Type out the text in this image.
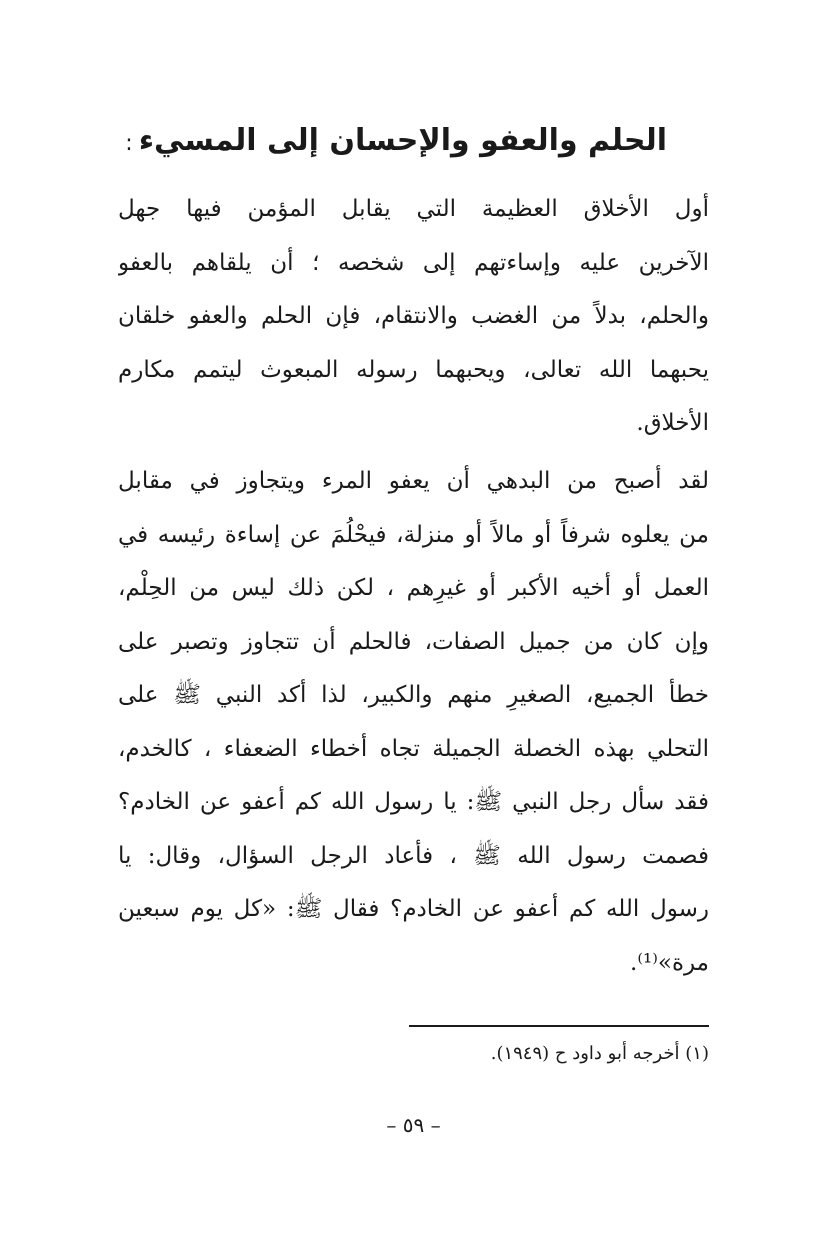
الحلم والعفو والإحسان إلى المسيء:
أول الأخلاق العظيمة التي يقابل المؤمن فيها جهل
الآخرين عليه وإساءتهم إلى شخصه ؛ أن يلقاهم بالعفو
والحلم، بدلاً من الغضب والانتقام، فإن الحلم والعفو خلقان
يحبهما الله تعالى، ويحبهما رسوله المبعوث ليتمم مكارم
الأخلاق.
لقد أصبح من البدهي أن يعفو المرء ويتجاوز في مقابل
من يعلوه شرفاً أو مالاً أو منزلة، فيحْلُمَ عن إساءة رئيسه في
العمل أو أخيه الأكبر أو غيرِهم ، لكن ذلك ليس من الحِلْم،
وإن كان من جميل الصفات، فالحلم أن تتجاوز وتصبر على
خطأ الجميع، الصغيرِ منهم والكبير، لذا أكد النبي ﷺ على
التحلي بهذه الخصلة الجميلة تجاه أخطاء الضعفاء ، كالخدم،
فقد سأل رجل النبي ﷺ: يا رسول الله كم أعفو عن الخادم؟
فصمت رسول الله ﷺ ، فأعاد الرجل السؤال، وقال: يا
رسول الله كم أعفو عن الخادم؟ فقال ﷺ: «كل يوم سبعين
مرة»⁽¹⁾.
(١) أخرجه أبو داود ح (١٩٤٩).
– ٥٩ –
